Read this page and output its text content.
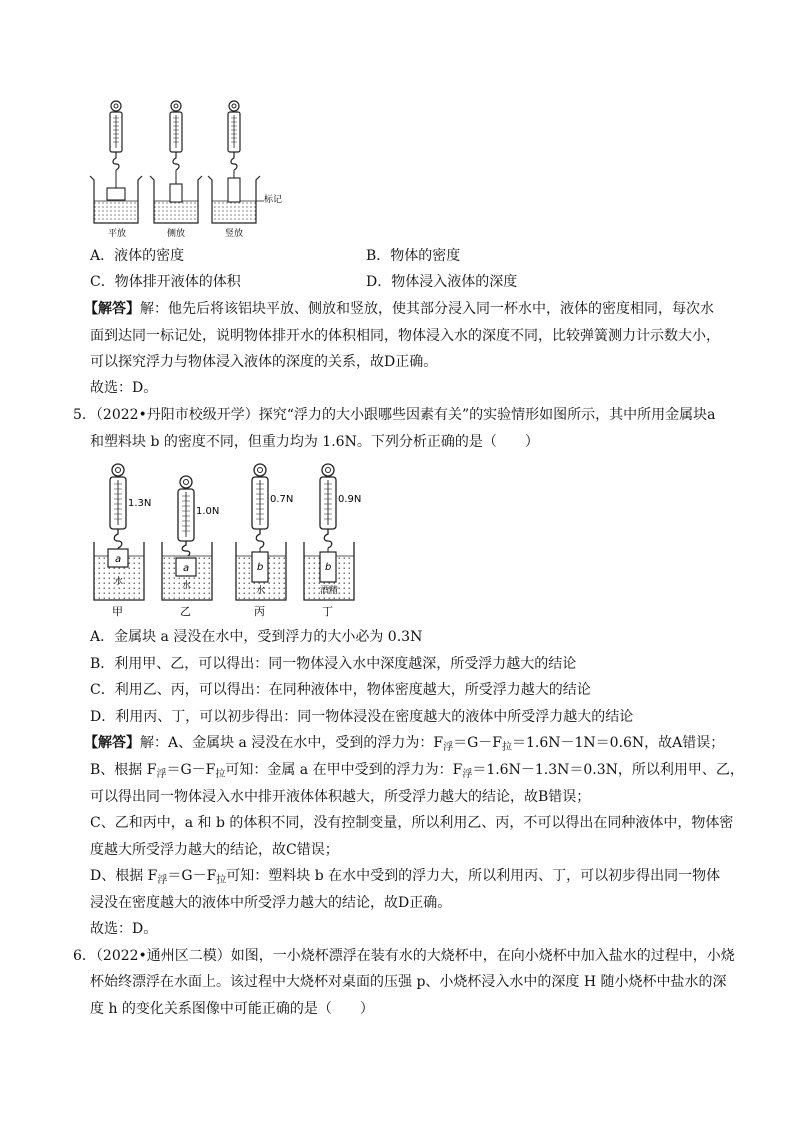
平放	侧放
标记
竖放
A．液体的密度	B．物体的密度
C．物体排开液体的体积	D．物体浸入液体的深度
【解答】解：他先后将该铝块平放、侧放和竖放，使其部分浸入同一杯水中，液体的密度相同，每次水
面到达同一标记处，说明物体排开水的体积相同，物体浸入水的深度不同，比较弹簧测力计示数大小，
可以探究浮力与物体浸入液体的深度的关系，故D正确。
故选：D。
5．（2022•丹阳市校级开学）探究“浮力的大小跟哪些因素有关”的实验情形如图所示，其中所用金属块a
和塑料块 b 的密度不同，但重力均为 1.6N。下列分析正确的是（　　）
1.3N
a
水
甲
1.0N
a
水
乙
0.7N
b
水
丙
0.9N
b
酒精
丁
A．金属块 a 浸没在水中，受到浮力的大小必为 0.3N
B．利用甲、乙，可以得出：同一物体浸入水中深度越深，所受浮力越大的结论
C．利用乙、丙，可以得出：在同种液体中，物体密度越大，所受浮力越大的结论
D．利用丙、丁，可以初步得出：同一物体浸没在密度越大的液体中所受浮力越大的结论
【解答】解：A、金属块 a 浸没在水中，受到的浮力为：$F_浮=G-F_拉=1.6N-1N=0.6N$，故A错误；
B、根据 $F_浮=G-F_拉$可知：金属 a 在甲中受到的浮力为：$F_浮=1.6N-1.3N=0.3N$，所以利用甲、乙，
可以得出同一物体浸入水中排开液体体积越大，所受浮力越大的结论，故B错误；
C、乙和丙中，a 和 b 的体积不同，没有控制变量，所以利用乙、丙，不可以得出在同种液体中，物体密
度越大所受浮力越大的结论，故C错误；
D、根据 $F_浮=G-F_拉$可知：塑料块 b 在水中受到的浮力大，所以利用丙、丁，可以初步得出同一物体
浸没在密度越大的液体中所受浮力越大的结论，故D正确。
故选：D。
6．（2022•通州区二模）如图，一小烧杯漂浮在装有水的大烧杯中，在向小烧杯中加入盐水的过程中，小烧
杯始终漂浮在水面上。该过程中大烧杯对桌面的压强 p、小烧杯浸入水中的深度 H 随小烧杯中盐水的深
度 h 的变化关系图像中可能正确的是（　　）
